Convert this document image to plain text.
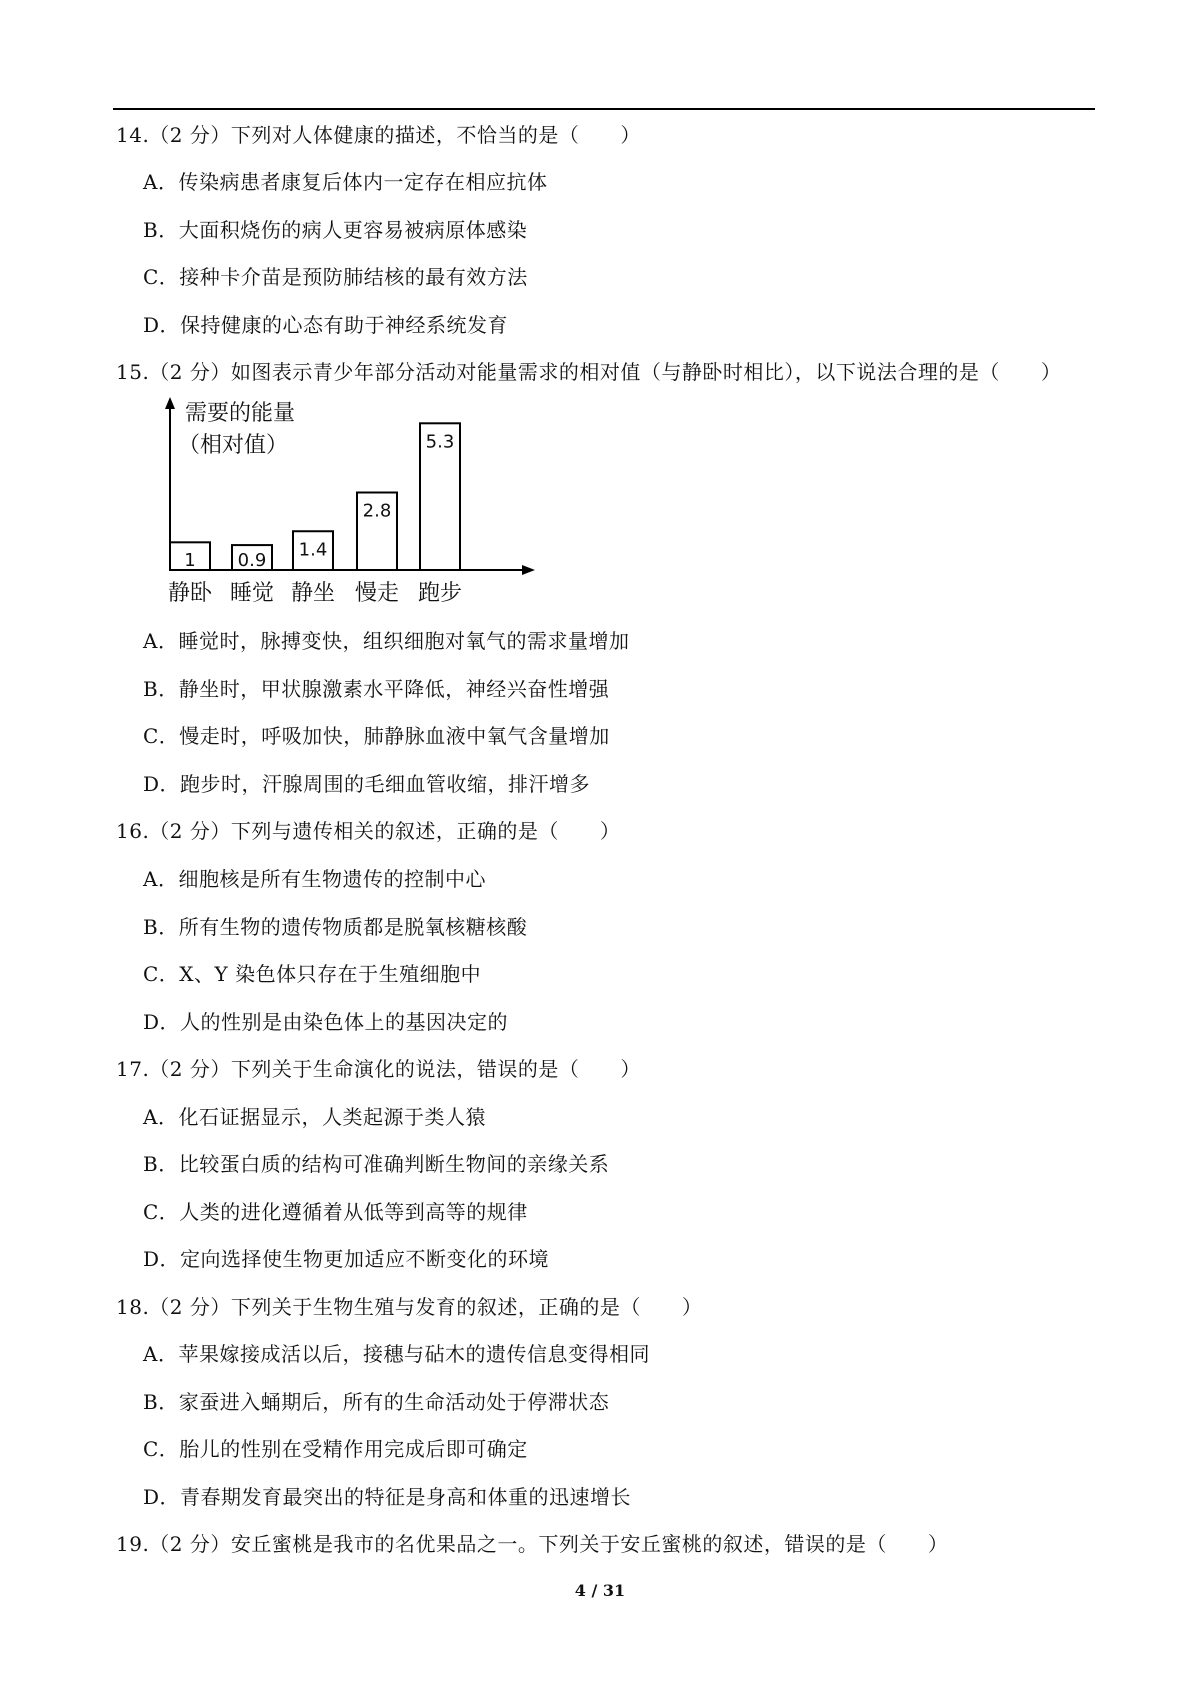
14.（2 分）下列对人体健康的描述，不恰当的是（　　）
A．传染病患者康复后体内一定存在相应抗体
B．大面积烧伤的病人更容易被病原体感染
C．接种卡介苗是预防肺结核的最有效方法
D．保持健康的心态有助于神经系统发育
15.（2 分）如图表示青少年部分活动对能量需求的相对值（与静卧时相比），以下说法合理的是（　　）
需要的能量
（相对值）
1
静卧
0.9
睡觉
1.4
静坐
2.8
慢走
5.3
跑步
A．睡觉时，脉搏变快，组织细胞对氧气的需求量增加
B．静坐时，甲状腺激素水平降低，神经兴奋性增强
C．慢走时，呼吸加快，肺静脉血液中氧气含量增加
D．跑步时，汗腺周围的毛细血管收缩，排汗增多
16.（2 分）下列与遗传相关的叙述，正确的是（　　）
A．细胞核是所有生物遗传的控制中心
B．所有生物的遗传物质都是脱氧核糖核酸
C．X、Y 染色体只存在于生殖细胞中
D．人的性别是由染色体上的基因决定的
17.（2 分）下列关于生命演化的说法，错误的是（　　）
A．化石证据显示，人类起源于类人猿
B．比较蛋白质的结构可准确判断生物间的亲缘关系
C．人类的进化遵循着从低等到高等的规律
D．定向选择使生物更加适应不断变化的环境
18.（2 分）下列关于生物生殖与发育的叙述，正确的是（　　）
A．苹果嫁接成活以后，接穗与砧木的遗传信息变得相同
B．家蚕进入蛹期后，所有的生命活动处于停滞状态
C．胎儿的性别在受精作用完成后即可确定
D．青春期发育最突出的特征是身高和体重的迅速增长
19.（2 分）安丘蜜桃是我市的名优果品之一。下列关于安丘蜜桃的叙述，错误的是（　　）
4 / 31
